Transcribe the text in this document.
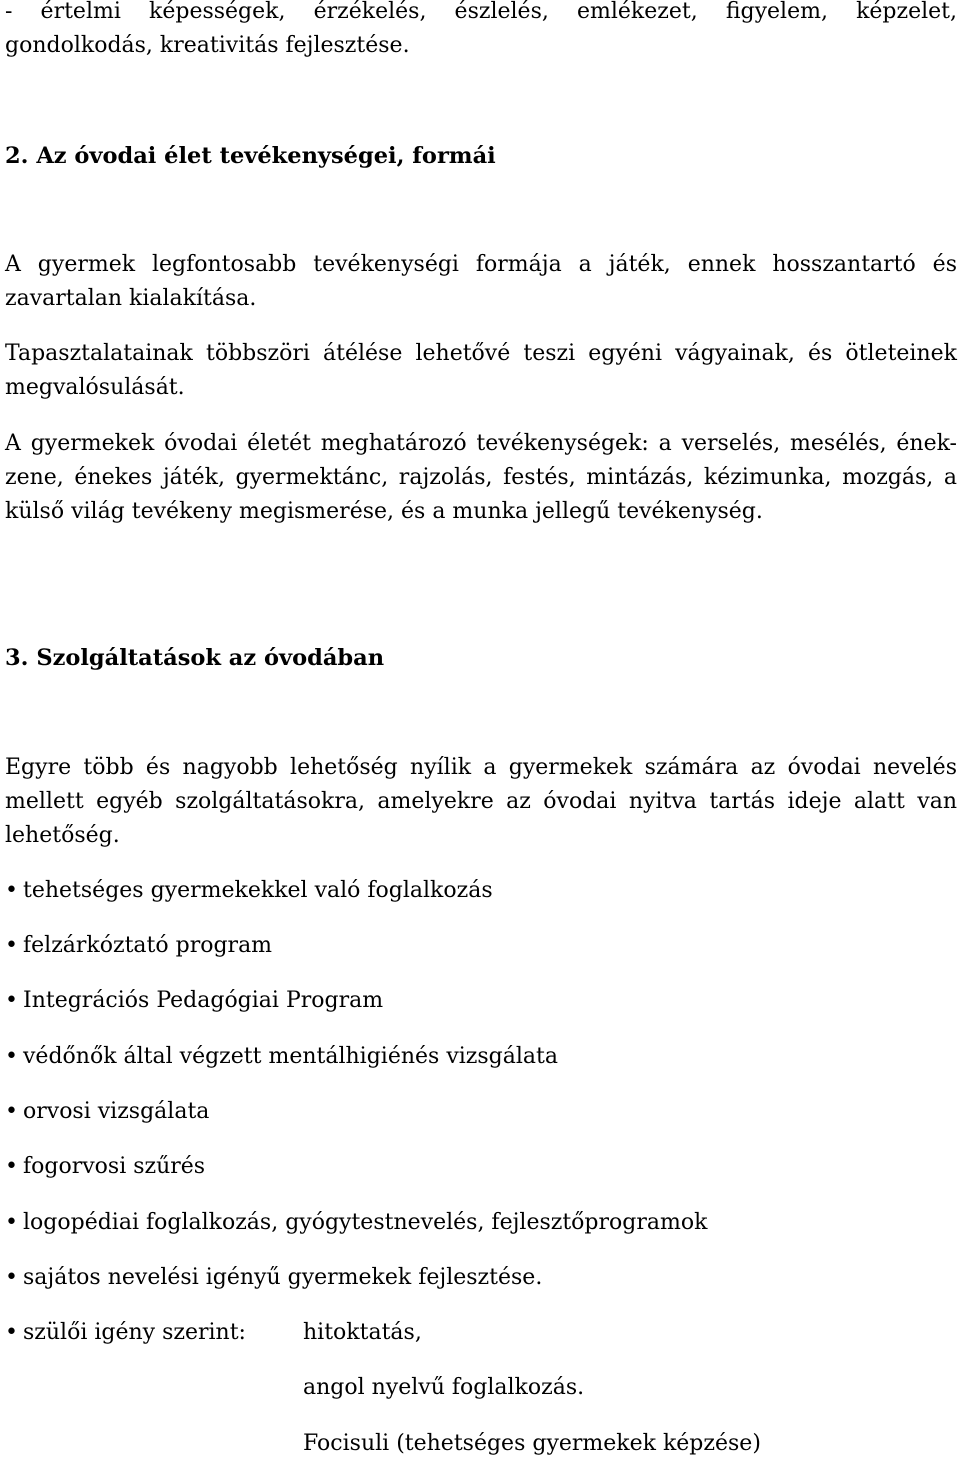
- értelmi képességek, érzékelés, észlelés, emlékezet, figyelem, képzelet, gondolkodás, kreativitás fejlesztése.

2. Az óvodai élet tevékenységei, formái

A gyermek legfontosabb tevékenységi formája a játék, ennek hosszantartó és zavartalan kialakítása.

Tapasztalatainak többszöri átélése lehetővé teszi egyéni vágyainak, és ötleteinek megvalósulását.

A gyermekek óvodai életét meghatározó tevékenységek: a verselés, mesélés, ének-zene, énekes játék, gyermektánc, rajzolás, festés, mintázás, kézimunka, mozgás, a külső világ tevékeny megismerése, és a munka jellegű tevékenység.

3. Szolgáltatások az óvodában

Egyre több és nagyobb lehetőség nyílik a gyermekek számára az óvodai nevelés mellett egyéb szolgáltatásokra, amelyekre az óvodai nyitva tartás ideje alatt van lehetőség.

• tehetséges gyermekekkel való foglalkozás
• felzárkóztató program
• Integrációs Pedagógiai Program
• védőnők által végzett mentálhigiénés vizsgálata
• orvosi vizsgálata
• fogorvosi szűrés
• logopédiai foglalkozás, gyógytestnevelés, fejlesztőprogramok
• sajátos nevelési igényű gyermekek fejlesztése.
• szülői igény szerint:	hitoktatás,
angol nyelvű foglalkozás.
Focisuli (tehetséges gyermekek képzése)
